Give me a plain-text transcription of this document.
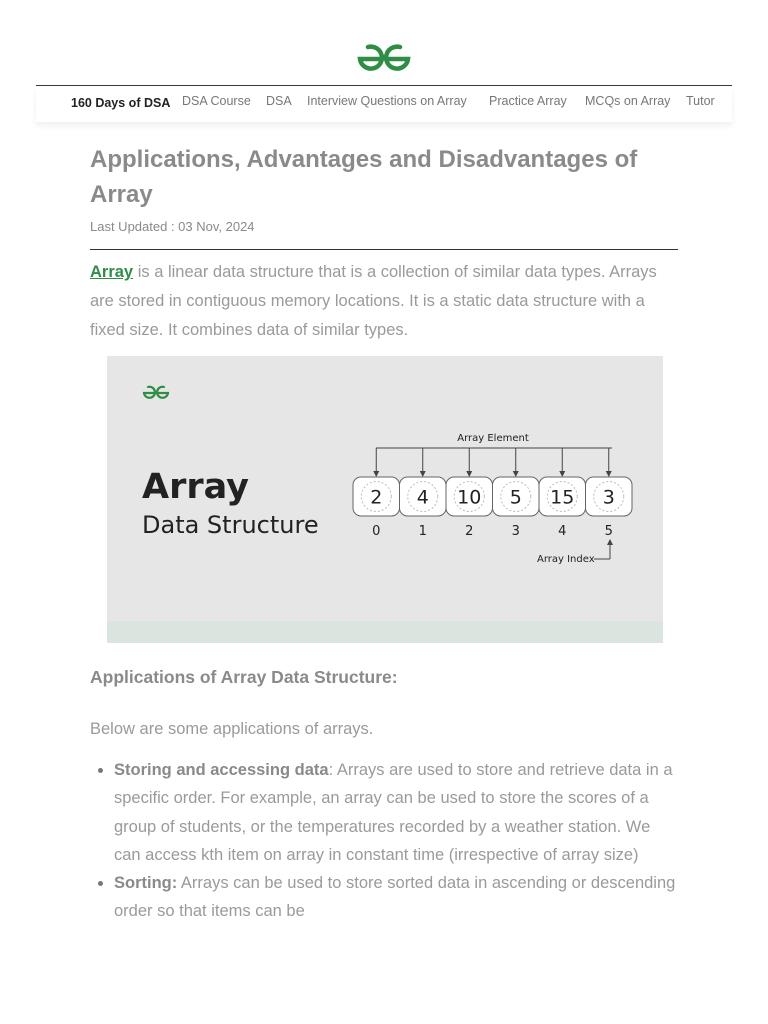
160 Days of DSA DSA Course DSA Interview Questions on Array Practice Array MCQs on Array Tutor
Applications, Advantages and Disadvantages of Array
Last Updated : 03 Nov, 2024

Array is a linear data structure that is a collection of similar data types. Arrays are stored in contiguous memory locations. It is a static data structure with a fixed size. It combines data of similar types.

Array
Data Structure
Array Element
2
0
4
1
10
2
5
3
15
4
3
5
Array Index
Applications of Array Data Structure:

Below are some applications of arrays.

Storing and accessing data: Arrays are used to store and retrieve data in a specific order. For example, an array can be used to store the scores of a group of students, or the temperatures recorded by a weather station. We can access kth item on array in constant time (irrespective of array size)
Sorting: Arrays can be used to store sorted data in ascending or descending order so that items can be
